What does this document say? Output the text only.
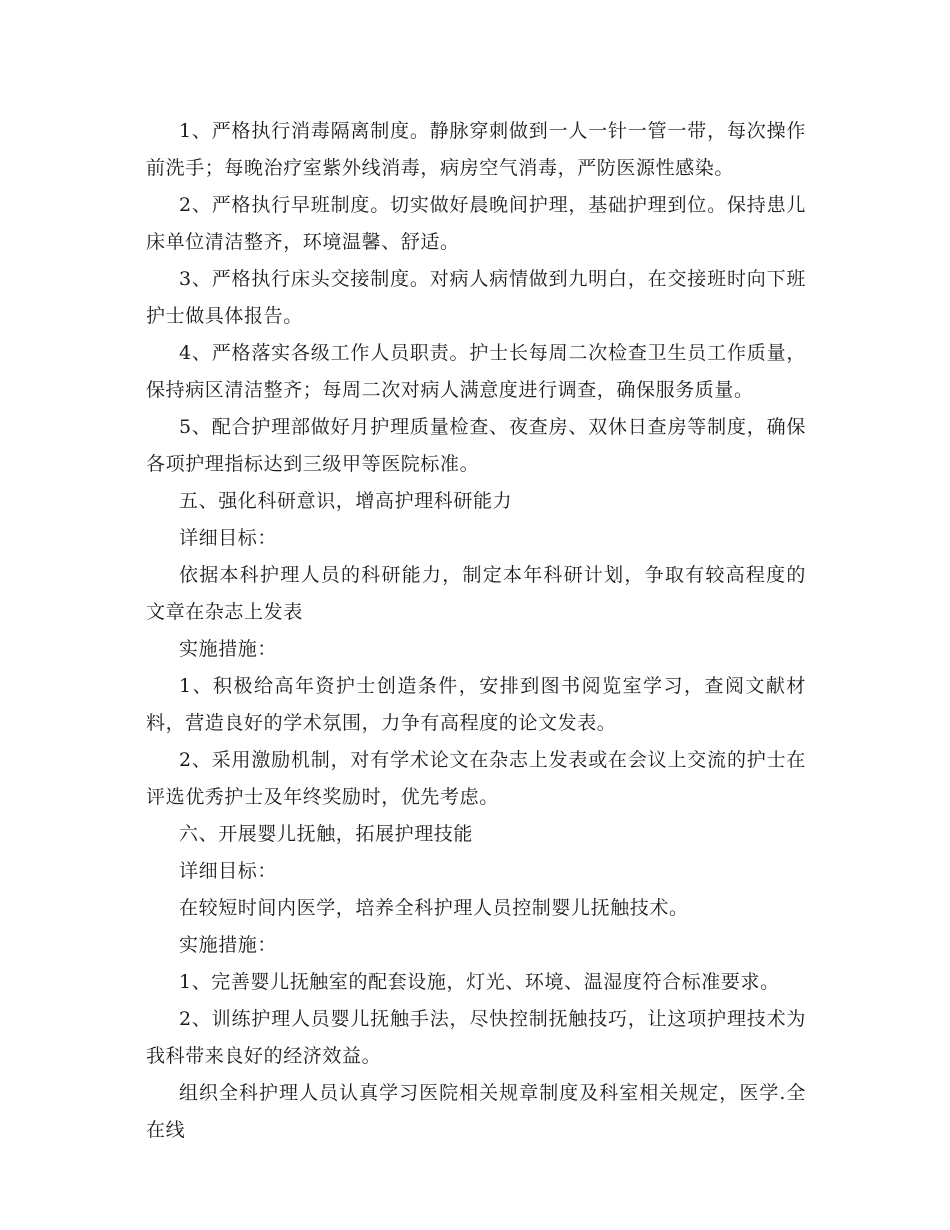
1、严格执行消毒隔离制度。静脉穿刺做到一人一针一管一带，每次操作前洗手；每晚治疗室紫外线消毒，病房空气消毒，严防医源性感染。

2、严格执行早班制度。切实做好晨晚间护理，基础护理到位。保持患儿床单位清洁整齐，环境温馨、舒适。

3、严格执行床头交接制度。对病人病情做到九明白，在交接班时向下班护士做具体报告。

4、严格落实各级工作人员职责。护士长每周二次检查卫生员工作质量，保持病区清洁整齐；每周二次对病人满意度进行调查，确保服务质量。

5、配合护理部做好月护理质量检查、夜查房、双休日查房等制度，确保各项护理指标达到三级甲等医院标准。

五、强化科研意识，增高护理科研能力

详细目标：

依据本科护理人员的科研能力，制定本年科研计划，争取有较高程度的文章在杂志上发表

实施措施：

1、积极给高年资护士创造条件，安排到图书阅览室学习，查阅文献材料，营造良好的学术氛围，力争有高程度的论文发表。

2、采用激励机制，对有学术论文在杂志上发表或在会议上交流的护士在评选优秀护士及年终奖励时，优先考虑。

六、开展婴儿抚触，拓展护理技能

详细目标：

在较短时间内医学，培养全科护理人员控制婴儿抚触技术。

实施措施：

1、完善婴儿抚触室的配套设施，灯光、环境、温湿度符合标准要求。

2、训练护理人员婴儿抚触手法，尽快控制抚触技巧，让这项护理技术为我科带来良好的经济效益。

组织全科护理人员认真学习医院相关规章制度及科室相关规定，医学.全在线
